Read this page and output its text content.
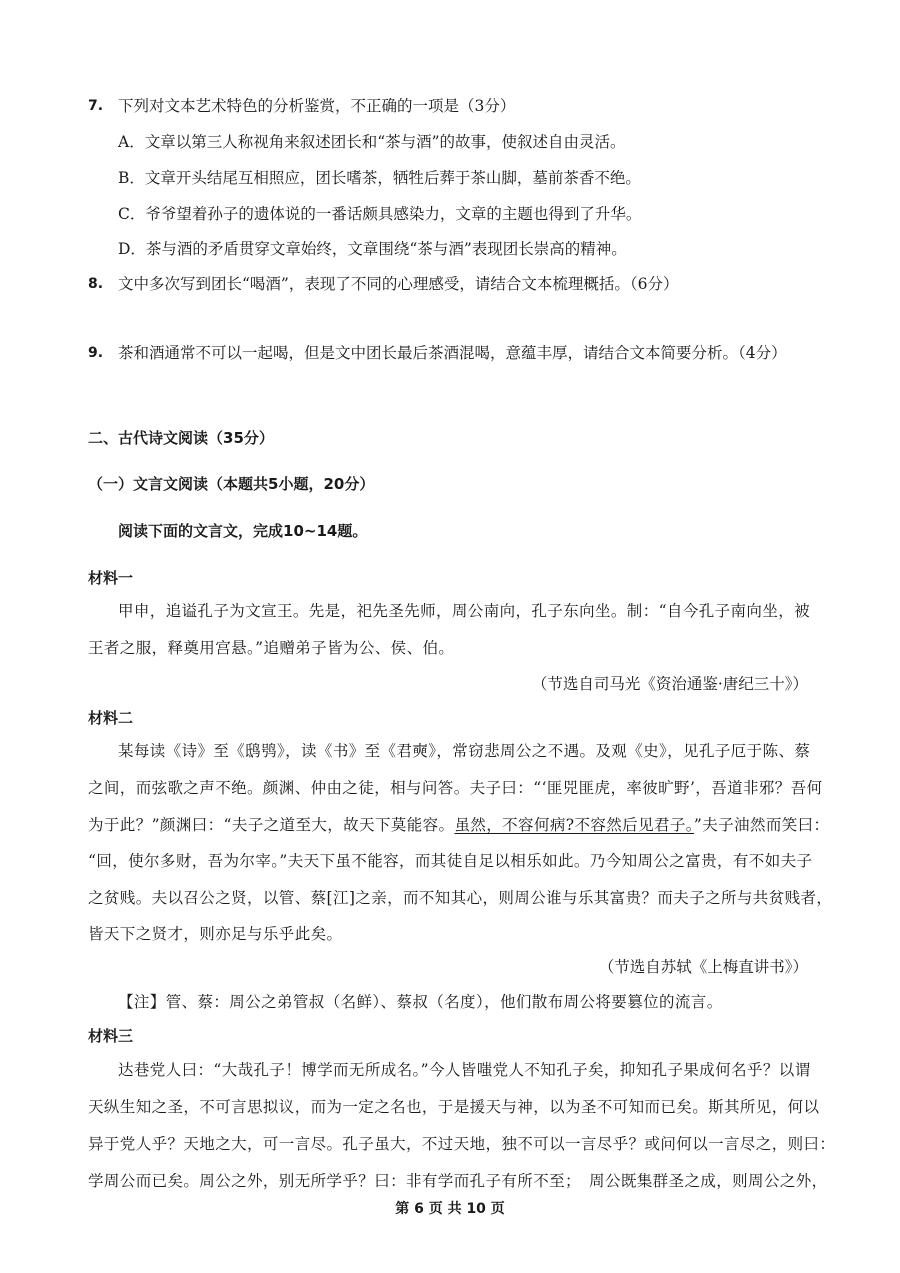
7. 下列对文本艺术特色的分析鉴赏，不正确的一项是（3分）
A．文章以第三人称视角来叙述团长和“茶与酒”的故事，使叙述自由灵活。
B．文章开头结尾互相照应，团长嗜茶，牺牲后葬于茶山脚，墓前茶香不绝。
C．爷爷望着孙子的遗体说的一番话颇具感染力，文章的主题也得到了升华。
D．茶与酒的矛盾贯穿文章始终，文章围绕“茶与酒”表现团长崇高的精神。
8. 文中多次写到团长“喝酒”，表现了不同的心理感受，请结合文本梳理概括。（6分）
9. 茶和酒通常不可以一起喝，但是文中团长最后茶酒混喝，意蕴丰厚，请结合文本简要分析。（4分）
二、古代诗文阅读（35分）
（一）文言文阅读（本题共5小题，20分）
阅读下面的文言文，完成10~14题。
材料一
甲申，追谥孔子为文宣王。先是，祀先圣先师，周公南向，孔子东向坐。制：“自今孔子南向坐，被
王者之服，释奠用宫悬。”追赠弟子皆为公、侯、伯。
（节选自司马光《资治通鉴·唐纪三十》）
材料二
某每读《诗》至《鸱鸮》，读《书》至《君奭》，常窃悲周公之不遇。及观《史》，见孔子厄于陈、蔡
之间，而弦歌之声不绝。颜渊、仲由之徒，相与问答。夫子曰：“‘匪兕匪虎，率彼旷野’，吾道非邪？吾何
为于此？”颜渊曰：“夫子之道至大，故天下莫能容。虽然，不容何病?不容然后见君子。”夫子油然而笑曰：
“回，使尔多财，吾为尔宰。”夫天下虽不能容，而其徒自足以相乐如此。乃今知周公之富贵，有不如夫子
之贫贱。夫以召公之贤，以管、蔡[江]之亲，而不知其心，则周公谁与乐其富贵？而夫子之所与共贫贱者，
皆天下之贤才，则亦足与乐乎此矣。
（节选自苏轼《上梅直讲书》）
【注】管、蔡：周公之弟管叔（名鲜）、蔡叔（名度），他们散布周公将要篡位的流言。
材料三
达巷党人曰：“大哉孔子！博学而无所成名。”今人皆嗤党人不知孔子矣，抑知孔子果成何名乎？以谓
天纵生知之圣，不可言思拟议，而为一定之名也，于是援天与神，以为圣不可知而已矣。斯其所见，何以
异于党人乎？天地之大，可一言尽。孔子虽大，不过天地，独不可以一言尽乎？或问何以一言尽之，则曰：
学周公而已矣。周公之外，别无所学乎？曰：非有学而孔子有所不至；　周公既集群圣之成，则周公之外，
第 6 页 共 10 页
